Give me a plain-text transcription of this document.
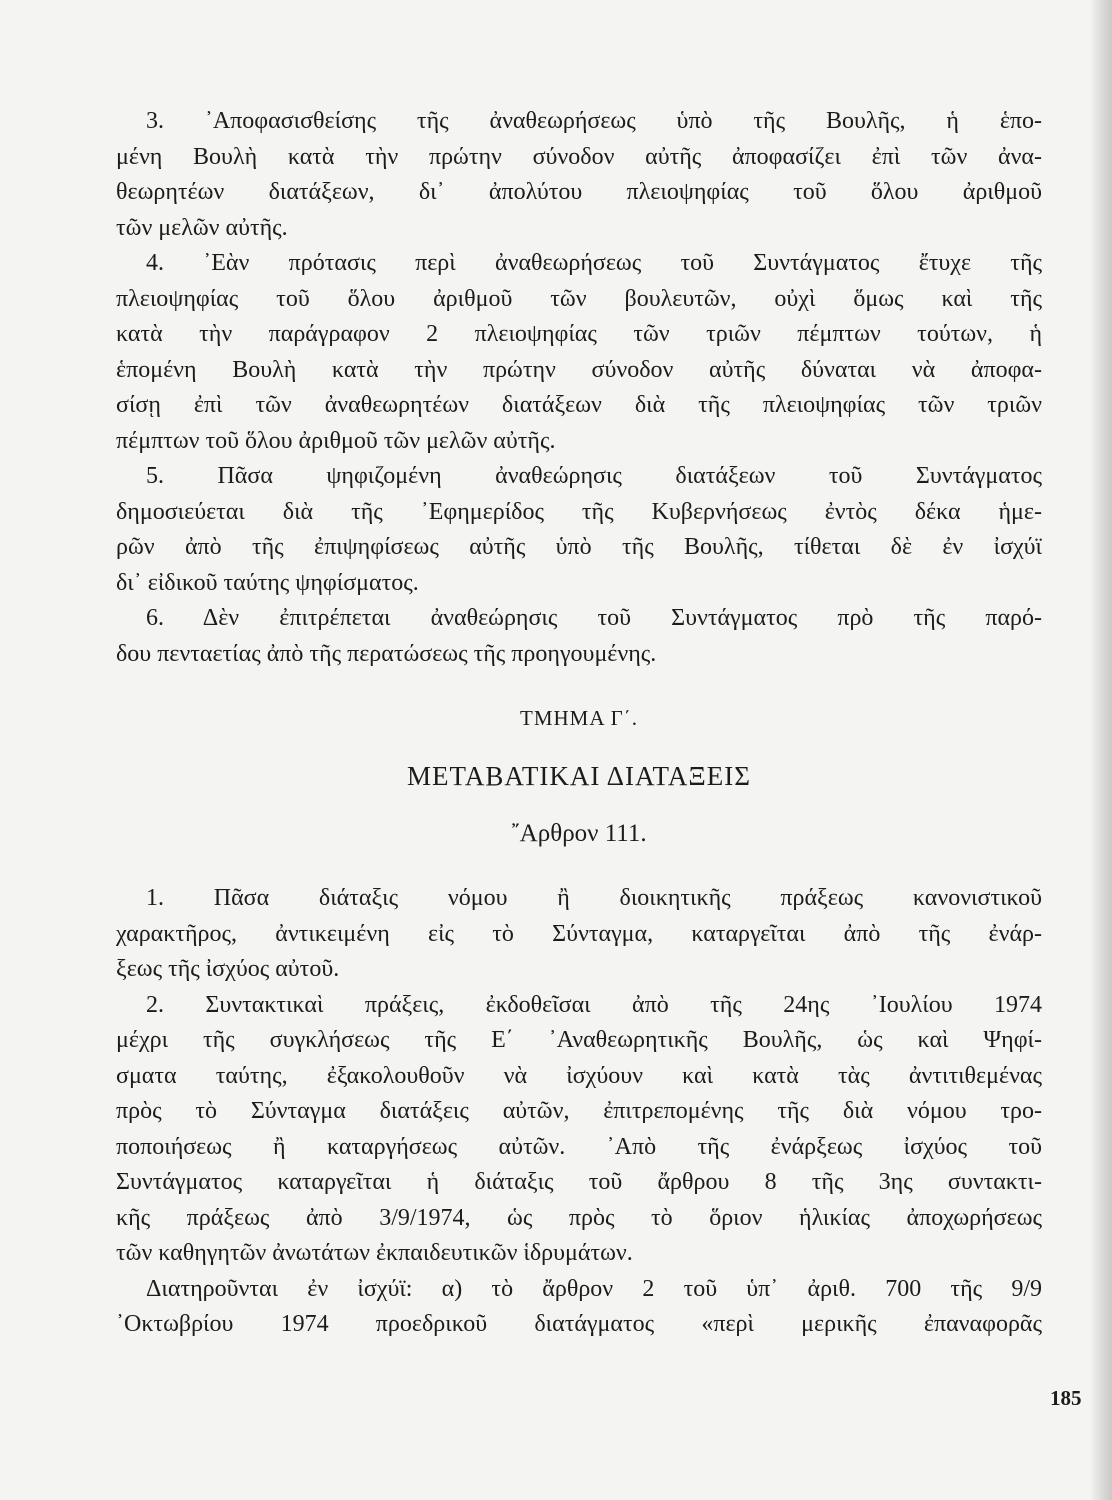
3. ᾿Αποφασισθείσης τῆς ἀναθεωρήσεως ὑπὸ τῆς Βουλῆς, ἡ ἑπο-
μένη Βουλὴ κατὰ τὴν πρώτην σύνοδον αὐτῆς ἀποφασίζει ἐπὶ τῶν ἀνα-
θεωρητέων διατάξεων, δι᾽ ἀπολύτου πλειοψηφίας τοῦ ὅλου ἀριθμοῦ
τῶν μελῶν αὐτῆς.
4. ᾿Εὰν πρότασις περὶ ἀναθεωρήσεως τοῦ Συντάγματος ἔτυχε τῆς
πλειοψηφίας τοῦ ὅλου ἀριθμοῦ τῶν βουλευτῶν, οὐχὶ ὅμως καὶ τῆς
κατὰ τὴν παράγραφον 2 πλειοψηφίας τῶν τριῶν πέμπτων τούτων, ἡ
ἑπομένη Βουλὴ κατὰ τὴν πρώτην σύνοδον αὐτῆς δύναται νὰ ἀποφα-
σίσῃ ἐπὶ τῶν ἀναθεωρητέων διατάξεων διὰ τῆς πλειοψηφίας τῶν τριῶν
πέμπτων τοῦ ὅλου ἀριθμοῦ τῶν μελῶν αὐτῆς.
5. Πᾶσα ψηφιζομένη ἀναθεώρησις διατάξεων τοῦ Συντάγματος
δημοσιεύεται διὰ τῆς ᾿Εφημερίδος τῆς Κυβερνήσεως ἐντὸς δέκα ἡμε-
ρῶν ἀπὸ τῆς ἐπιψηφίσεως αὐτῆς ὑπὸ τῆς Βουλῆς, τίθεται δὲ ἐν ἰσχύϊ
δι᾽ εἰδικοῦ ταύτης ψηφίσματος.
6. Δὲν ἐπιτρέπεται ἀναθεώρησις τοῦ Συντάγματος πρὸ τῆς παρό-
δου πενταετίας ἀπὸ τῆς περατώσεως τῆς προηγουμένης.
ΤΜΗΜΑ Γ΄.
ΜΕΤΑΒΑΤΙΚΑΙ ΔΙΑΤΑΞΕΙΣ
῎Αρθρον 111.
1. Πᾶσα διάταξις νόμου ἢ διοικητικῆς πράξεως κανονιστικοῦ
χαρακτῆρος, ἀντικειμένη εἰς τὸ Σύνταγμα, καταργεῖται ἀπὸ τῆς ἐνάρ-
ξεως τῆς ἰσχύος αὐτοῦ.
2. Συντακτικαὶ πράξεις, ἐκδοθεῖσαι ἀπὸ τῆς 24ης ᾿Ιουλίου 1974
μέχρι τῆς συγκλήσεως τῆς Ε΄ ᾿Αναθεωρητικῆς Βουλῆς, ὡς καὶ Ψηφί-
σματα ταύτης, ἐξακολουθοῦν νὰ ἰσχύουν καὶ κατὰ τὰς ἀντιτιθεμένας
πρὸς τὸ Σύνταγμα διατάξεις αὐτῶν, ἐπιτρεπομένης τῆς διὰ νόμου τρο-
ποποιήσεως ἢ καταργήσεως αὐτῶν. ᾿Απὸ τῆς ἐνάρξεως ἰσχύος τοῦ
Συντάγματος καταργεῖται ἡ διάταξις τοῦ ἄρθρου 8 τῆς 3ης συντακτι-
κῆς πράξεως ἀπὸ 3/9/1974, ὡς πρὸς τὸ ὅριον ἡλικίας ἀποχωρήσεως
τῶν καθηγητῶν ἀνωτάτων ἐκπαιδευτικῶν ἱδρυμάτων.
Διατηροῦνται ἐν ἰσχύϊ: α) τὸ ἄρθρον 2 τοῦ ὑπ᾽ ἀριθ. 700 τῆς 9/9
᾿Οκτωβρίου 1974 προεδρικοῦ διατάγματος «περὶ μερικῆς ἐπαναφορᾶς
185
